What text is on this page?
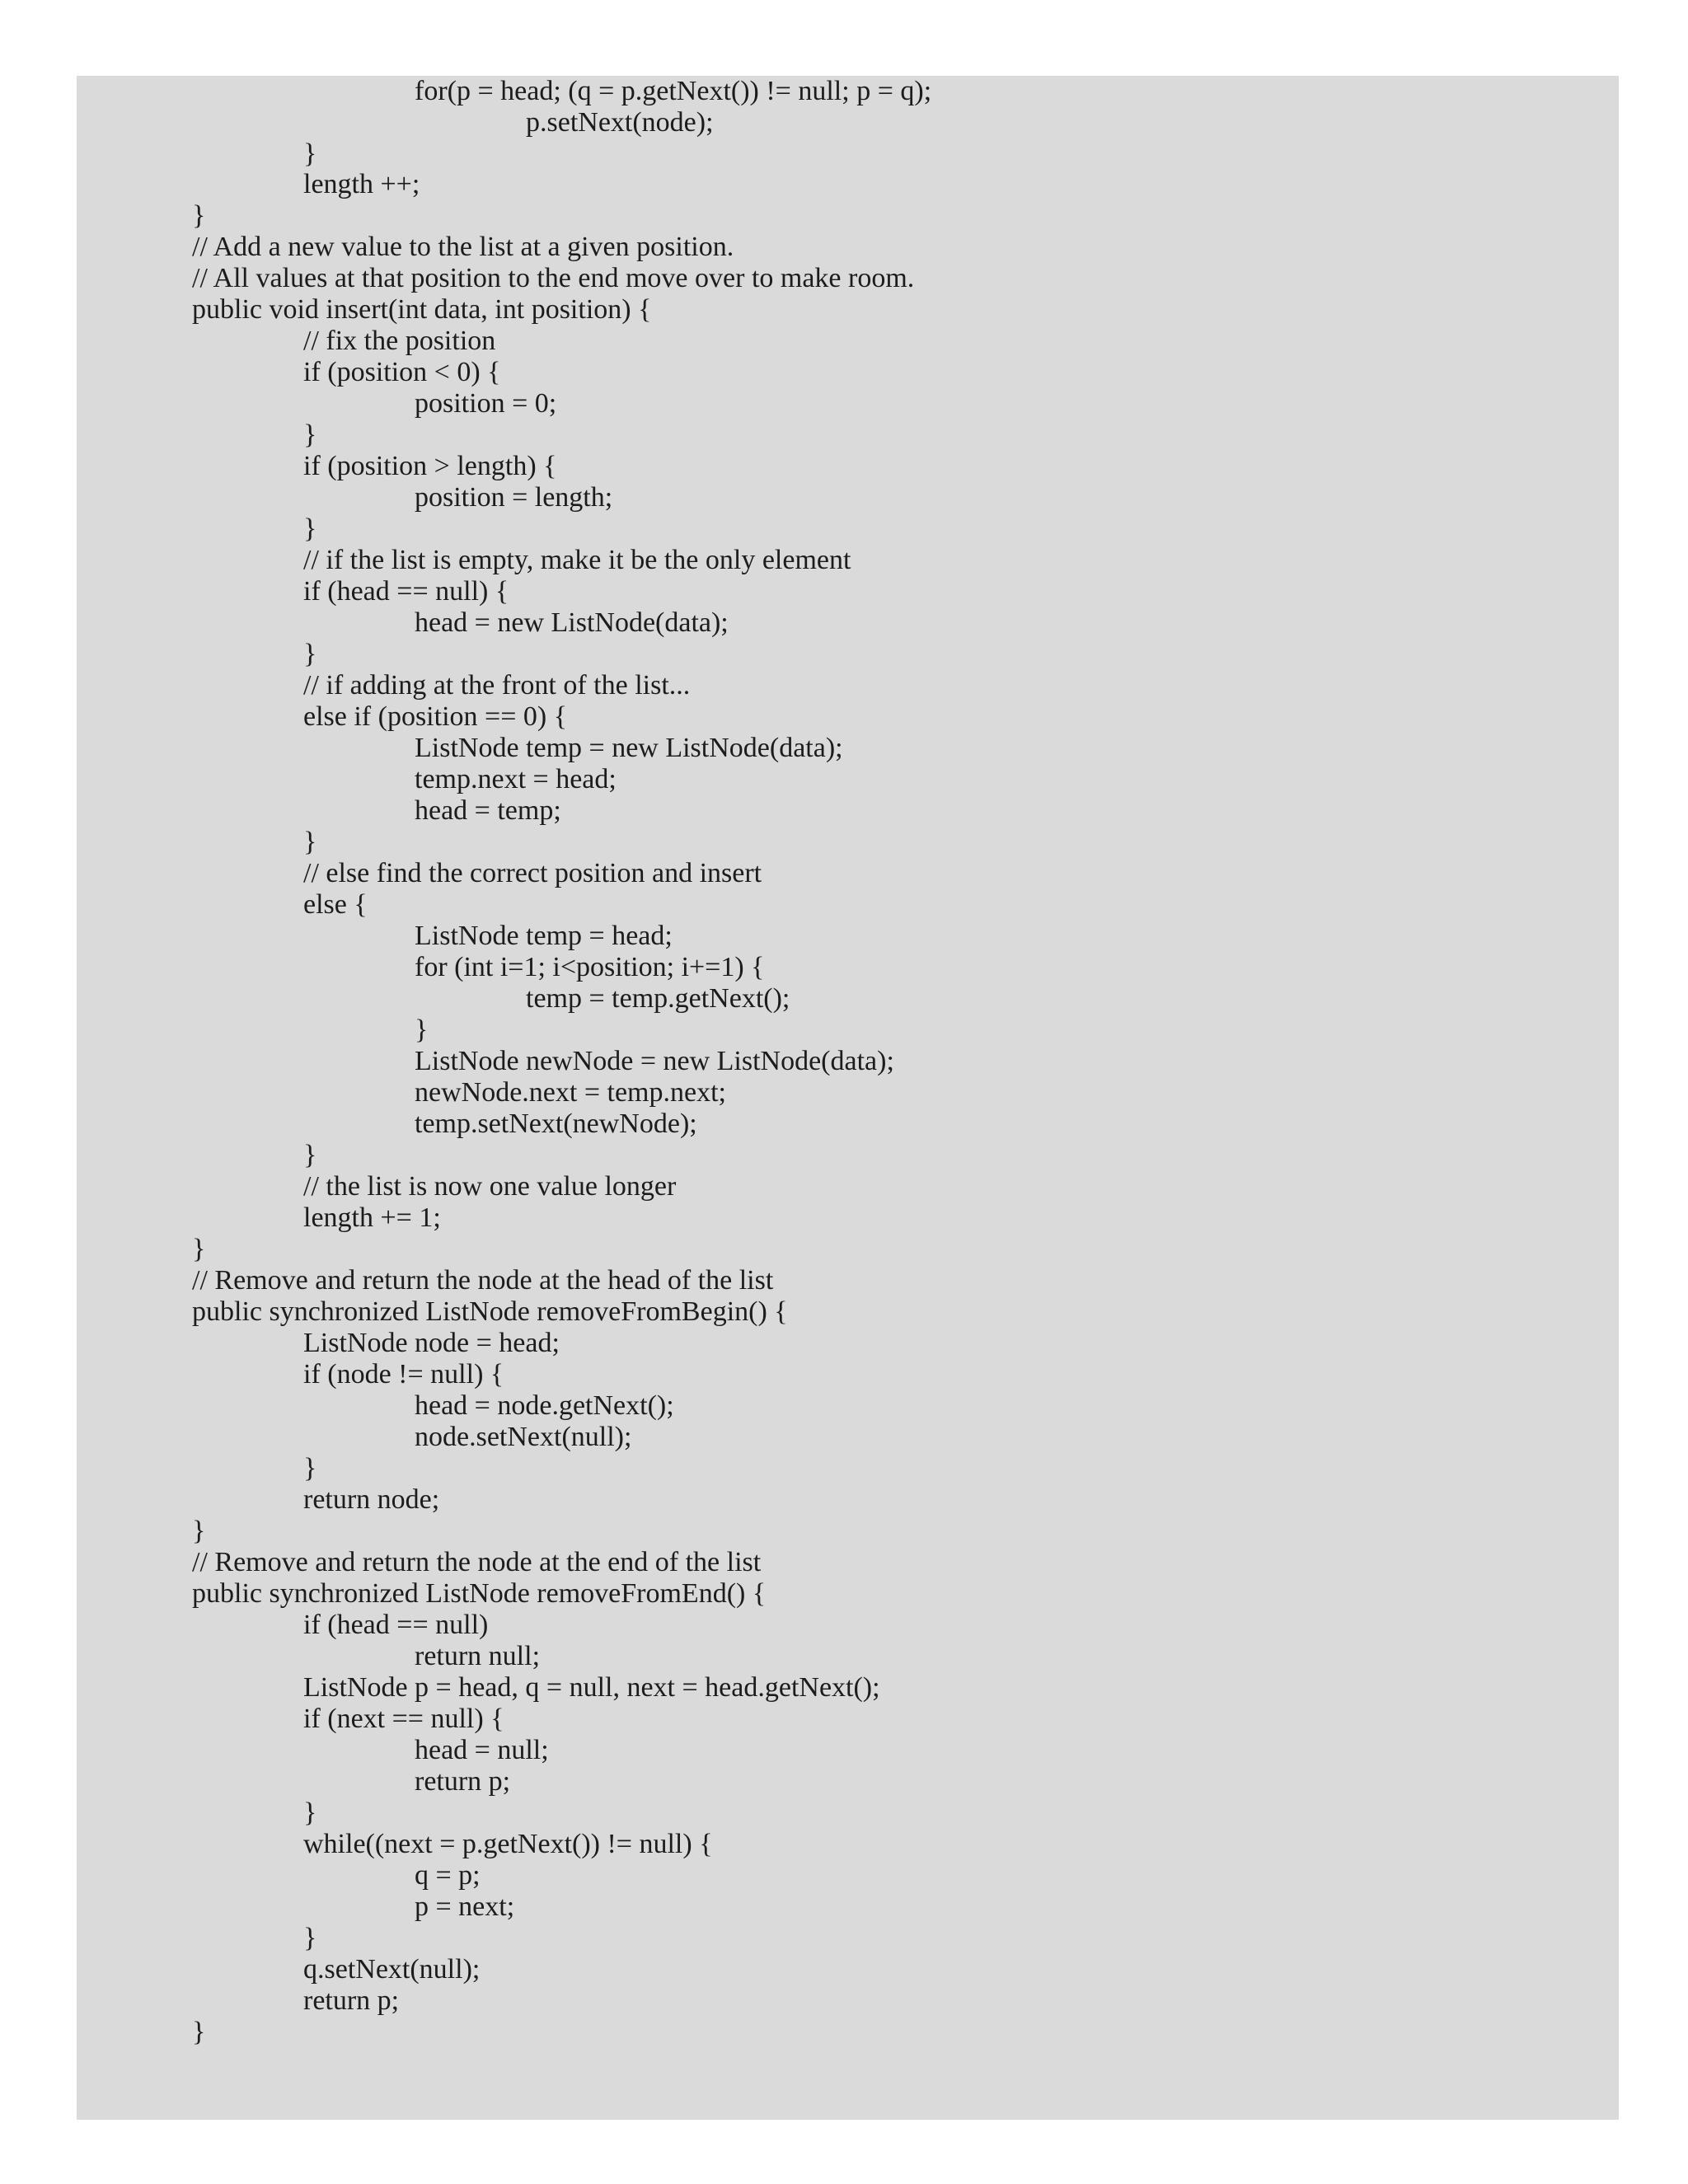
for(p = head; (q = p.getNext()) != null; p = q);
p.setNext(node);
}
length ++;
}
// Add a new value to the list at a given position.
// All values at that position to the end move over to make room.
public void insert(int data, int position) {
// fix the position
if (position < 0) {
position = 0;
}
if (position > length) {
position = length;
}
// if the list is empty, make it be the only element
if (head == null) {
head = new ListNode(data);
}
// if adding at the front of the list...
else if (position == 0) {
ListNode temp = new ListNode(data);
temp.next = head;
head = temp;
}
// else find the correct position and insert
else {
ListNode temp = head;
for (int i=1; i<position; i+=1) {
temp = temp.getNext();
}
ListNode newNode = new ListNode(data);
newNode.next = temp.next;
temp.setNext(newNode);
}
// the list is now one value longer
length += 1;
}
// Remove and return the node at the head of the list
public synchronized ListNode removeFromBegin() {
ListNode node = head;
if (node != null) {
head = node.getNext();
node.setNext(null);
}
return node;
}
// Remove and return the node at the end of the list
public synchronized ListNode removeFromEnd() {
if (head == null)
return null;
ListNode p = head, q = null, next = head.getNext();
if (next == null) {
head = null;
return p;
}
while((next = p.getNext()) != null) {
q = p;
p = next;
}
q.setNext(null);
return p;
}
